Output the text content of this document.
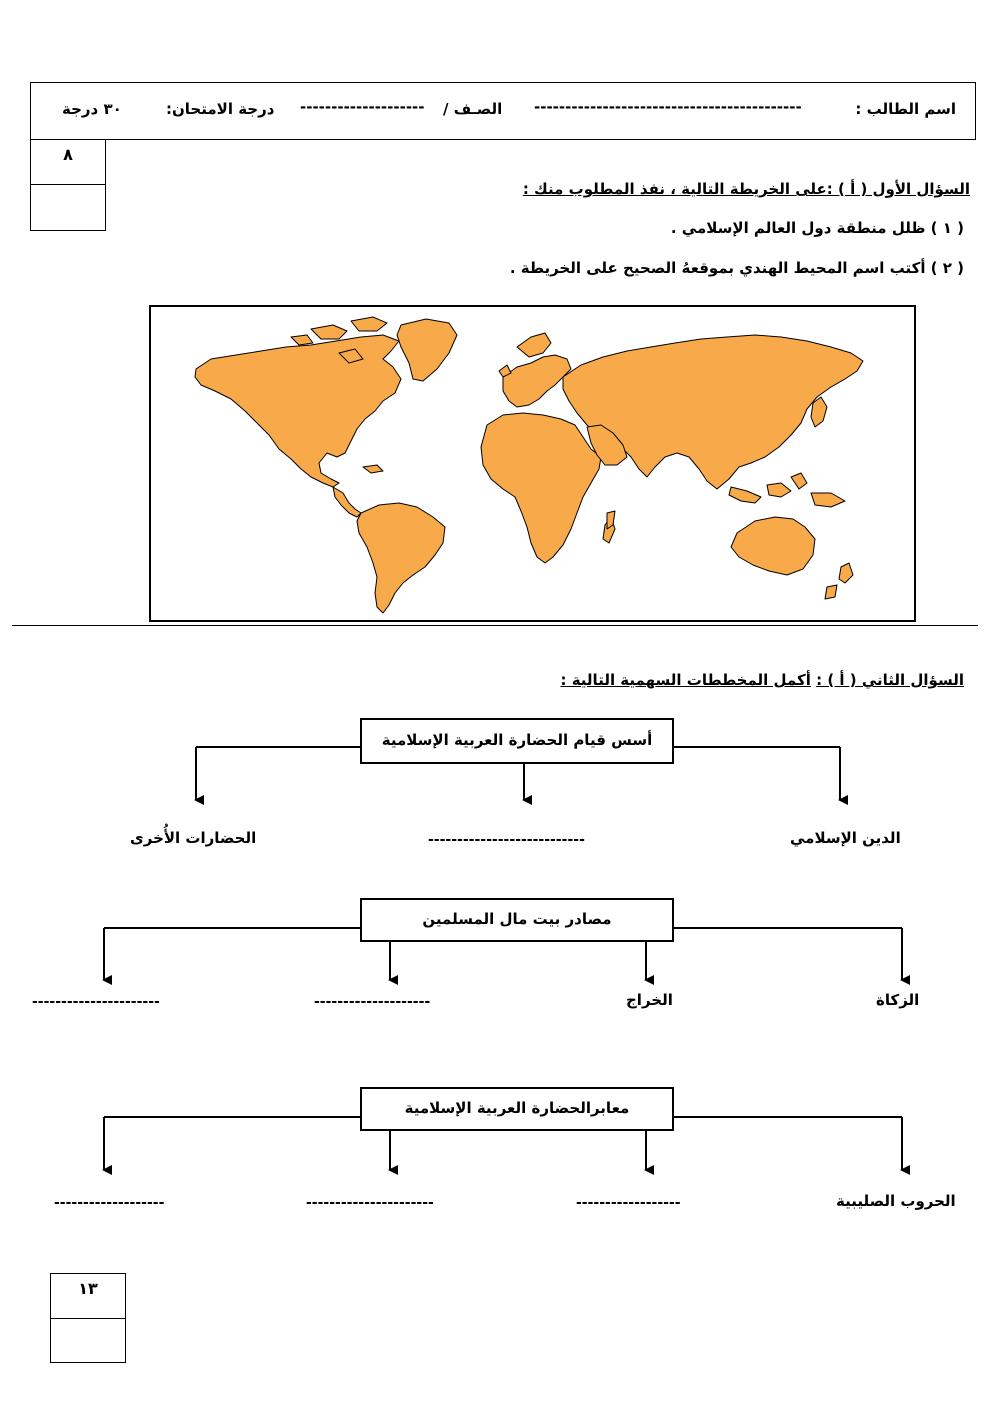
اسم الطالب :
-------------------------------------------
الصـف /
--------------------
درجة الامتحان:
٣٠ درجة
٨
السؤال الأول ( أ ) :على الخريطة التالية ، نفذ المطلوب منك :
( ١ ) ظلل منطقة دول العالم الإسلامي .
( ٢ ) أكتب اسم المحيط الهندي بموقعهُ الصحيح على الخريطة .
السؤال الثاني ( أ ) : أكمل المخططات السهمية التالية :
أسس قيام الحضارة العربية الإسلامية
الدين الإسلامي
---------------------------
الحضارات الأُخرى
مصادر بيت مال المسلمين
الزكاة
الخراج
--------------------
----------------------
معابرالحضارة العربية الإسلامية
الحروب الصليبية
------------------
----------------------
-------------------
١٣
